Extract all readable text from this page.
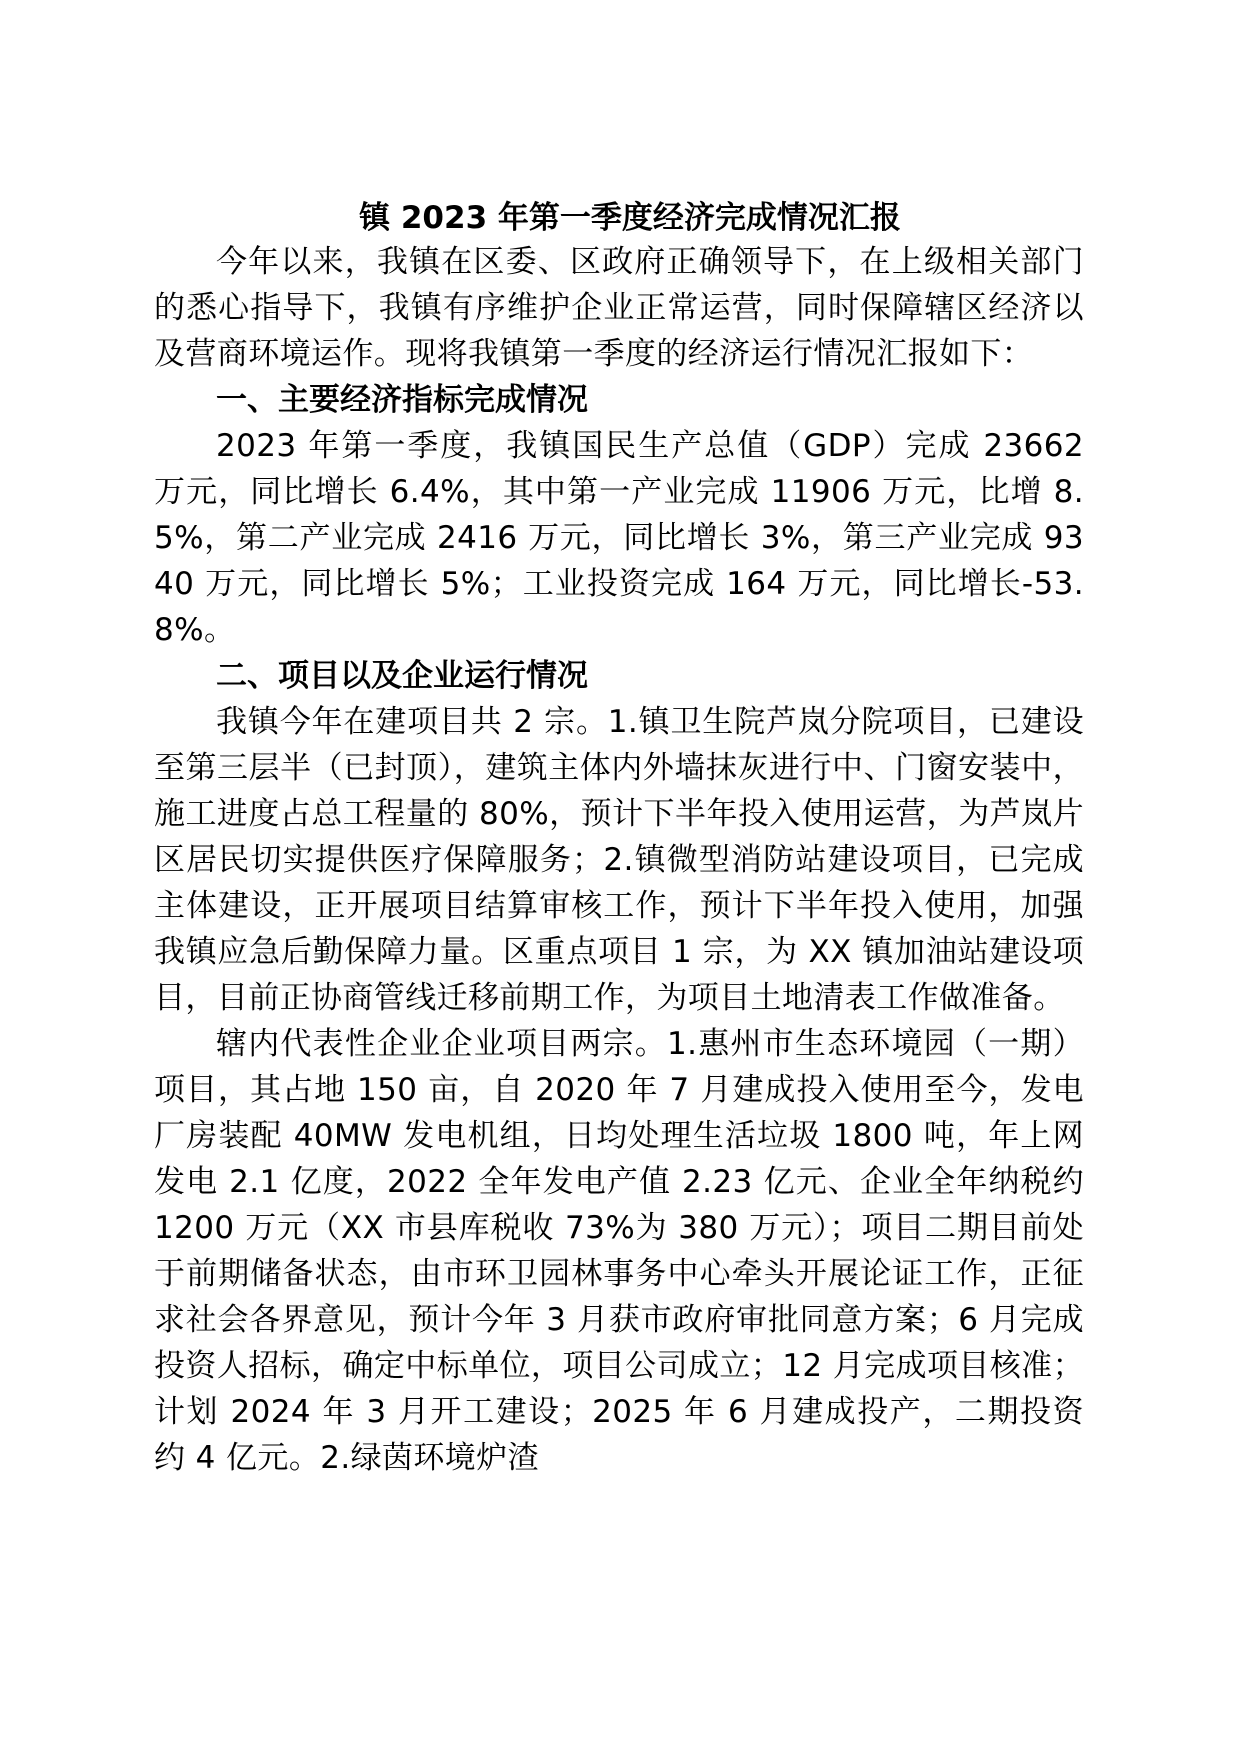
镇 2023 年第一季度经济完成情况汇报

今年以来，我镇在区委、区政府正确领导下，在上级相关部门的悉心指导下，我镇有序维护企业正常运营，同时保障辖区经济以及营商环境运作。现将我镇第一季度的经济运行情况汇报如下：

一、主要经济指标完成情况

2023 年第一季度，我镇国民生产总值（GDP）完成 23662 万元，同比增长 6.4%，其中第一产业完成 11906 万元，比增 8.5%，第二产业完成 2416 万元，同比增长 3%，第三产业完成 9340 万元，同比增长 5%；工业投资完成 164 万元，同比增长-53.8%。

二、项目以及企业运行情况

我镇今年在建项目共 2 宗。1.镇卫生院芦岚分院项目，已建设至第三层半（已封顶），建筑主体内外墙抹灰进行中、门窗安装中，施工进度占总工程量的 80%，预计下半年投入使用运营，为芦岚片区居民切实提供医疗保障服务；2.镇微型消防站建设项目，已完成主体建设，正开展项目结算审核工作，预计下半年投入使用，加强我镇应急后勤保障力量。区重点项目 1 宗，为 XX 镇加油站建设项目，目前正协商管线迁移前期工作，为项目土地清表工作做准备。

辖内代表性企业企业项目两宗。1.惠州市生态环境园（一期）项目，其占地 150 亩，自 2020 年 7 月建成投入使用至今，发电厂房装配 40MW 发电机组，日均处理生活垃圾 1800 吨，年上网发电 2.1 亿度，2022 全年发电产值 2.23 亿元、企业全年纳税约 1200 万元（XX 市县库税收 73%为 380 万元）；项目二期目前处于前期储备状态，由市环卫园林事务中心牵头开展论证工作，正征求社会各界意见，预计今年 3 月获市政府审批同意方案；6 月完成投资人招标，确定中标单位，项目公司成立；12 月完成项目核准；计划 2024 年 3 月开工建设；2025 年 6 月建成投产，二期投资约 4 亿元。2.绿茵环境炉渣
